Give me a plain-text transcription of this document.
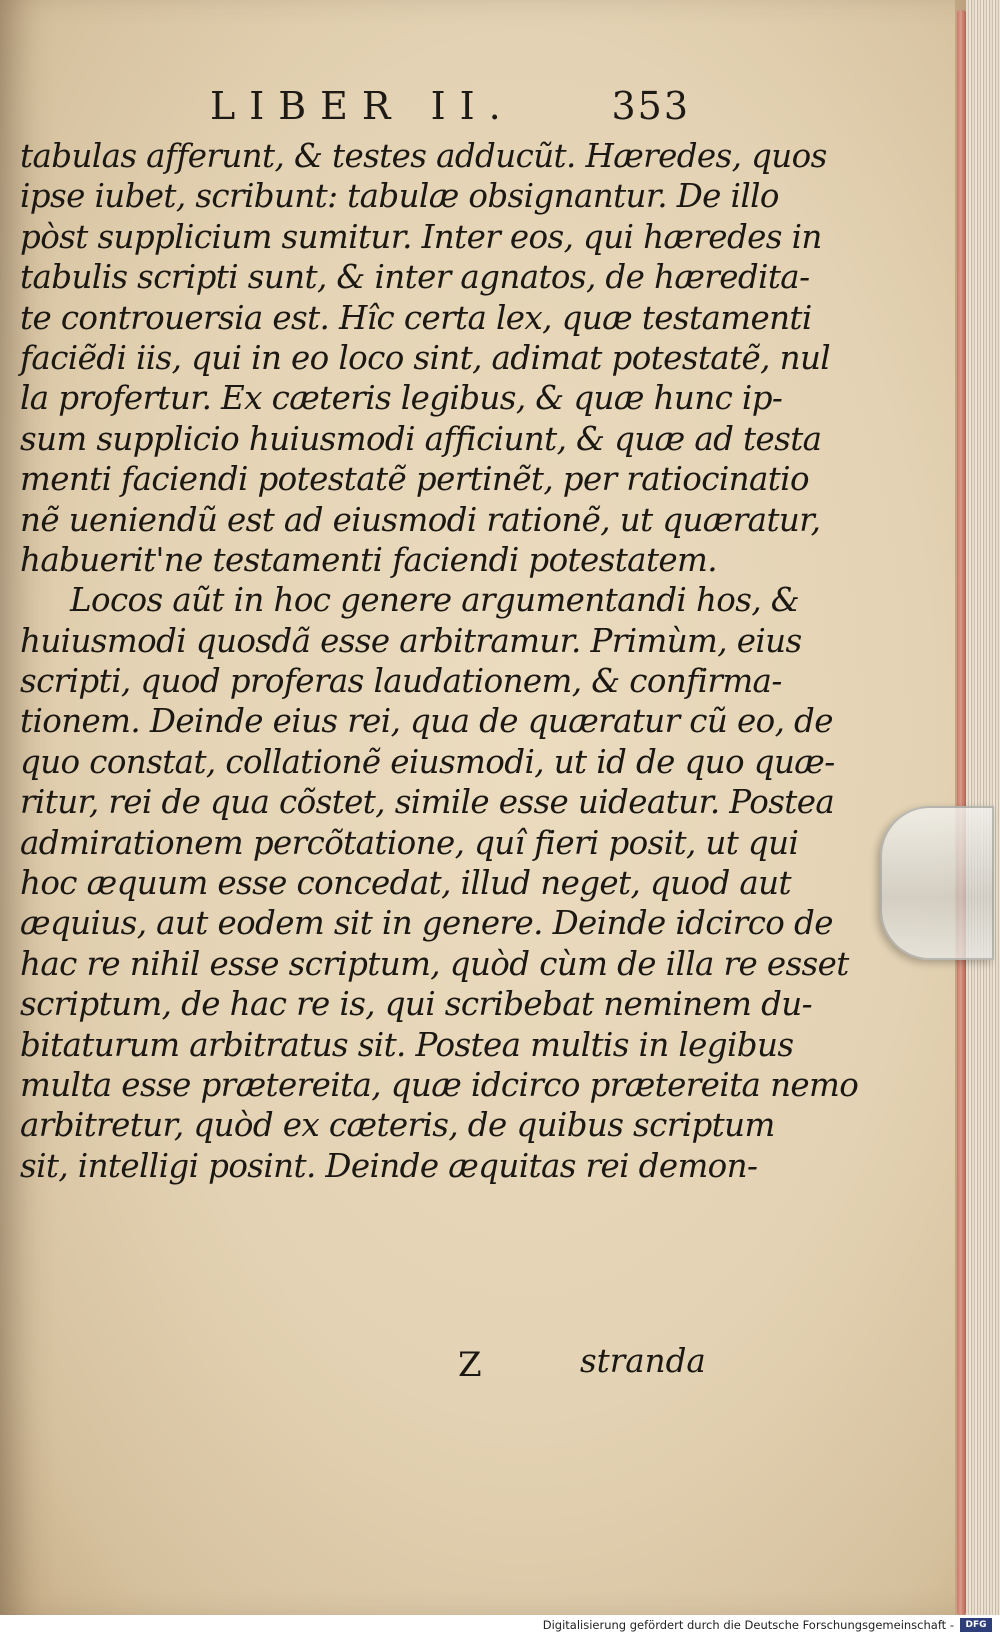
LIBER II.	353
tabulas afferunt, & testes adducũt. Hæredes, quos
ipse iubet, scribunt: tabulæ obsignantur. De illo
pòst supplicium sumitur. Inter eos, qui hæredes in
tabulis scripti sunt, & inter agnatos, de hæredita-
te controuersia est. Hîc certa lex, quæ testamenti
faciẽdi iis, qui in eo loco sint, adimat potestatẽ, nul
la profertur. Ex cæteris legibus, & quæ hunc ip-
sum supplicio huiusmodi afficiunt, & quæ ad testa
menti faciendi potestatẽ pertinẽt, per ratiocinatio
nẽ ueniendũ est ad eiusmodi rationẽ, ut quæratur,
habuerit'ne testamenti faciendi potestatem.
Locos aũt in hoc genere argumentandi hos, &
huiusmodi quosdã esse arbitramur. Primùm, eius
scripti, quod proferas laudationem, & confirma-
tionem. Deinde eius rei, qua de quæratur cũ eo, de
quo constat, collationẽ eiusmodi, ut id de quo quæ-
ritur, rei de qua cõstet, simile esse uideatur. Postea
admirationem percõtatione, quî fieri posit, ut qui
hoc æquum esse concedat, illud neget, quod aut
æquius, aut eodem sit in genere. Deinde idcirco de
hac re nihil esse scriptum, quòd cùm de illa re esset
scriptum, de hac re is, qui scribebat neminem du-
bitaturum arbitratus sit. Postea multis in legibus
multa esse prætereita, quæ idcirco prætereita nemo
arbitretur, quòd ex cæteris, de quibus scriptum
sit, intelligi posint. Deinde æquitas rei demon-
Z	stranda
Digitalisierung gefördert durch die Deutsche Forschungsgemeinschaft -	DFG
